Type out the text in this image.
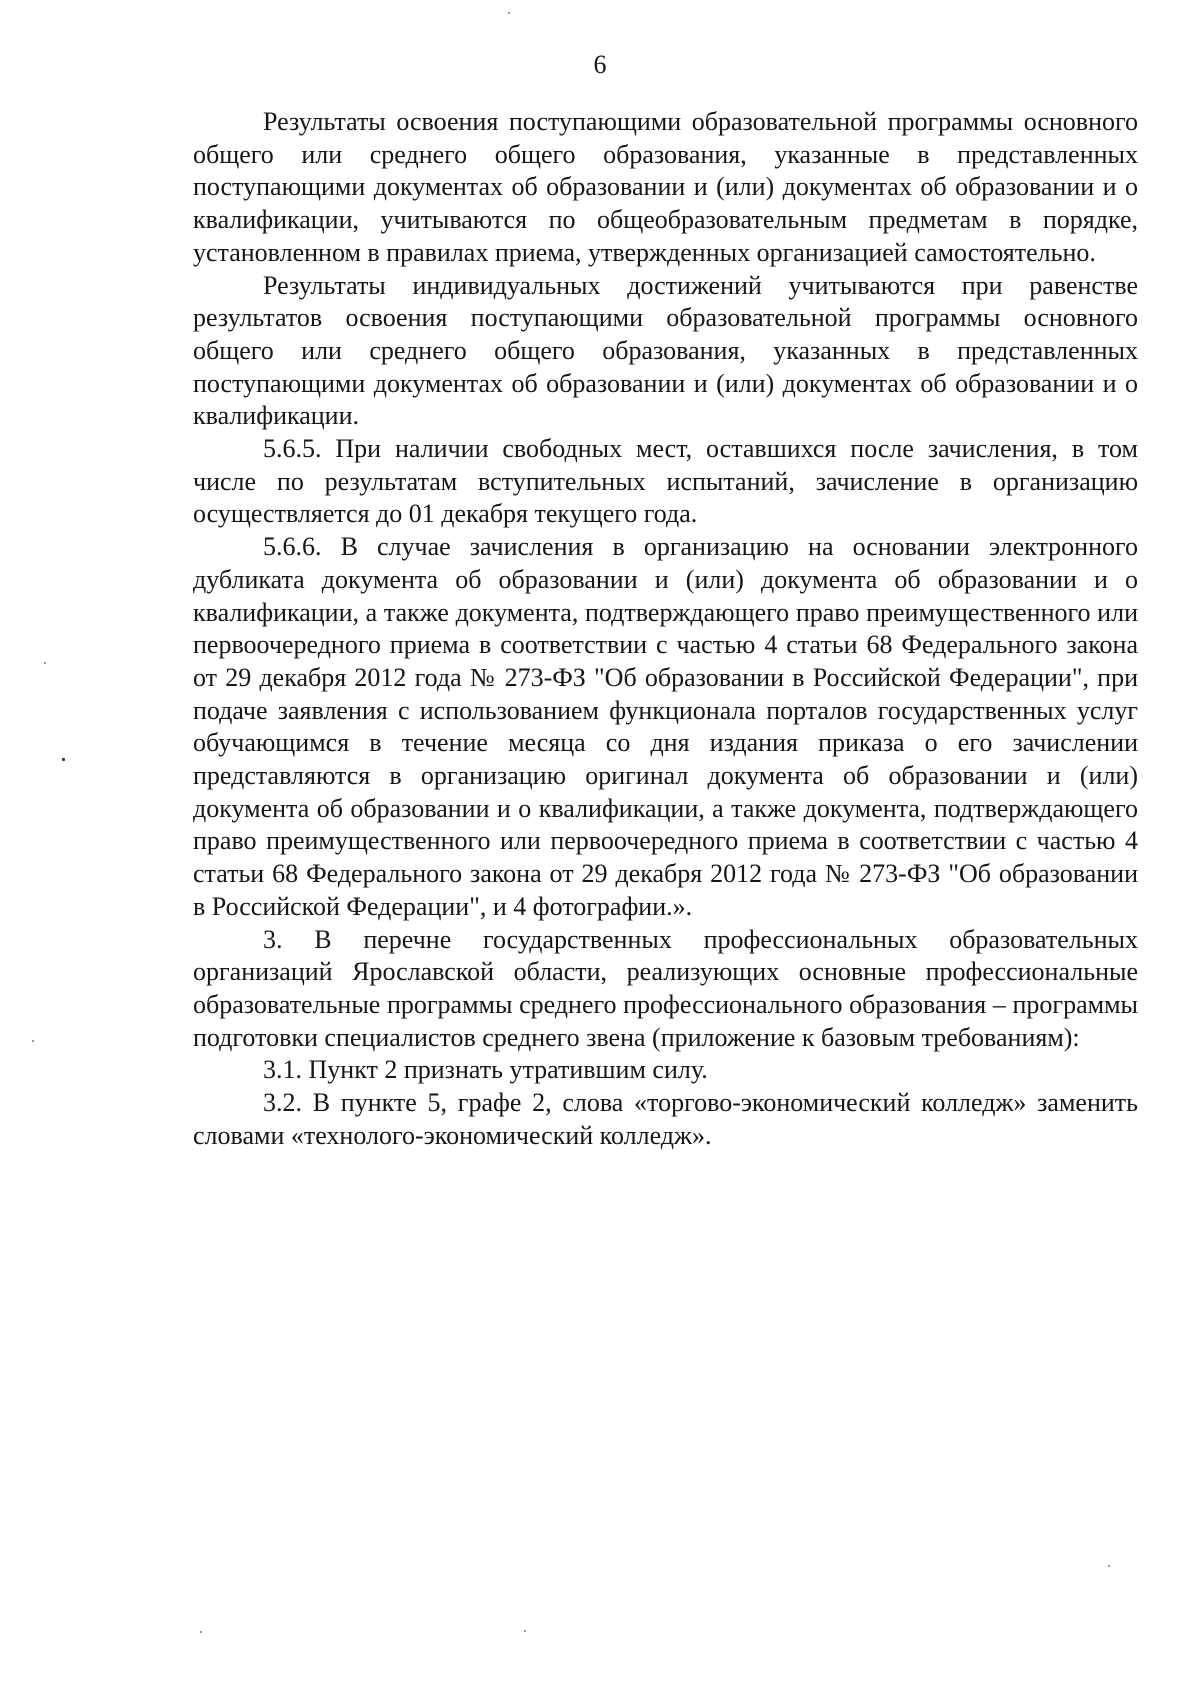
6

Результаты освоения поступающими образовательной программы основного общего или среднего общего образования, указанные в представленных поступающими документах об образовании и (или) документах об образовании и о квалификации, учитываются по общеобразовательным предметам в порядке, установленном в правилах приема, утвержденных организацией самостоятельно.

Результаты индивидуальных достижений учитываются при равенстве результатов освоения поступающими образовательной программы основного общего или среднего общего образования, указанных в представленных поступающими документах об образовании и (или) документах об образовании и о квалификации.

5.6.5. При наличии свободных мест, оставшихся после зачисления, в том числе по результатам вступительных испытаний, зачисление в организацию осуществляется до 01 декабря текущего года.

5.6.6. В случае зачисления в организацию на основании электронного дубликата документа об образовании и (или) документа об образовании и о квалификации, а также документа, подтверждающего право преимущественного или первоочередного приема в соответствии с частью 4 статьи 68 Федерального закона от 29 декабря 2012 года № 273-ФЗ "Об образовании в Российской Федерации", при подаче заявления с использованием функционала порталов государственных услуг обучающимся в течение месяца со дня издания приказа о его зачислении представляются в организацию оригинал документа об образовании и (или) документа об образовании и о квалификации, а также документа, подтверждающего право преимущественного или первоочередного приема в соответствии с частью 4 статьи 68 Федерального закона от 29 декабря 2012 года № 273-ФЗ "Об образовании в Российской Федерации", и 4 фотографии.».

3. В перечне государственных профессиональных образовательных организаций Ярославской области, реализующих основные профессиональные образовательные программы среднего профессионального образования – программы подготовки специалистов среднего звена (приложение к базовым требованиям):

3.1. Пункт 2 признать утратившим силу.

3.2. В пункте 5, графе 2, слова «торгово-экономический колледж» заменить словами «технолого-экономический колледж».
